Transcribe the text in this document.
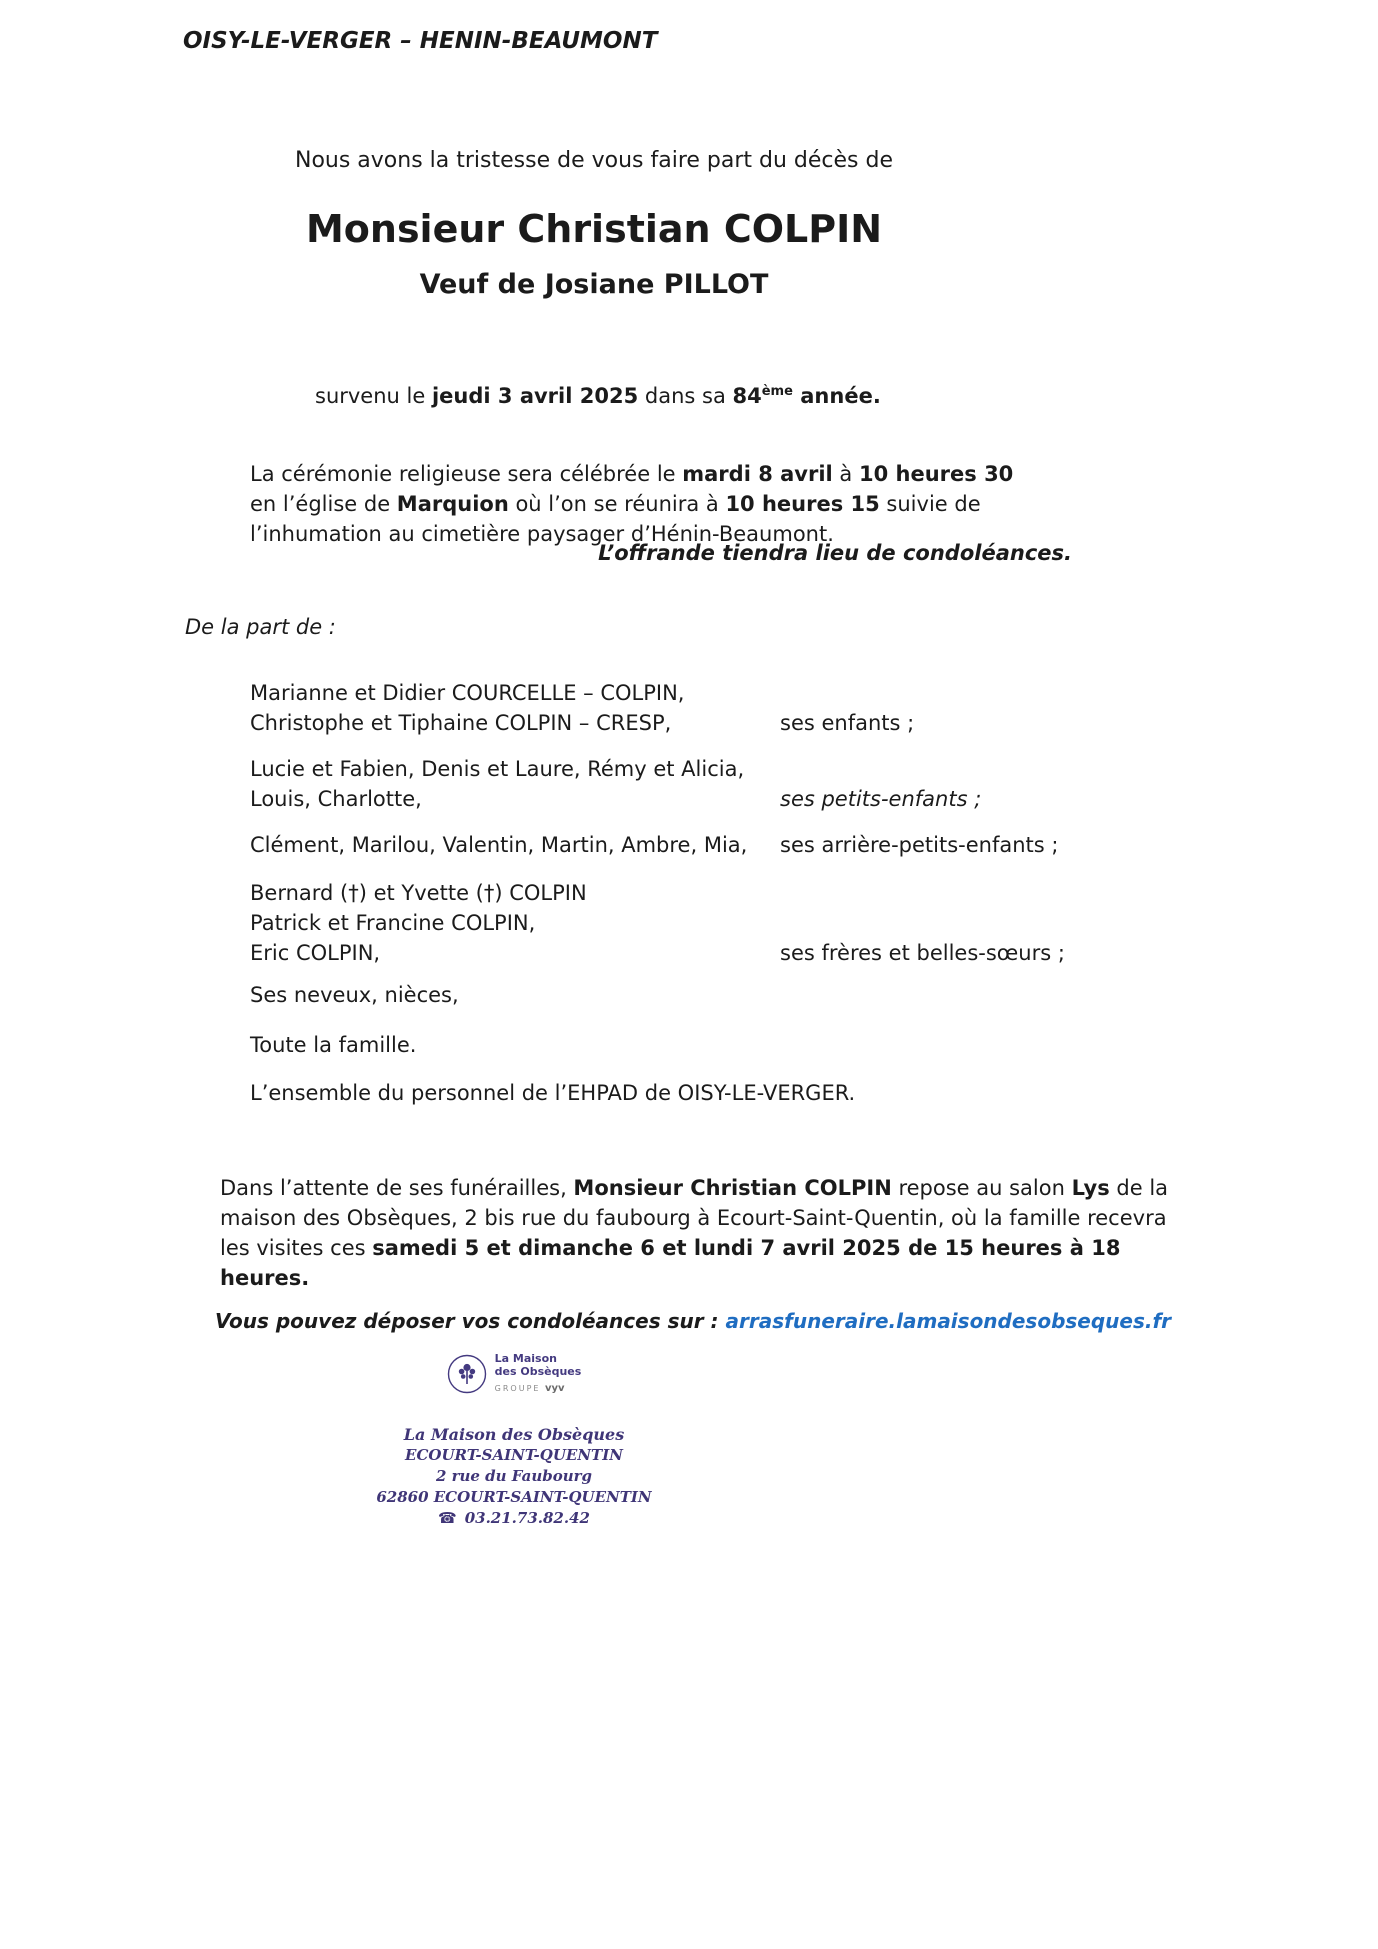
OISY-LE-VERGER – HENIN-BEAUMONT
Nous avons la tristesse de vous faire part du décès de
Monsieur Christian COLPIN
Veuf de Josiane PILLOT

survenu le jeudi 3 avril 2025 dans sa 84ème année.

La cérémonie religieuse sera célébrée le mardi 8 avril à 10 heures 30 en l’église de Marquion où l’on se réunira à 10 heures 15 suivie de l’inhumation au cimetière paysager d’Hénin-Beaumont.

L’offrande tiendra lieu de condoléances.
De la part de :
Marianne et Didier COURCELLE – COLPIN,
Christophe et Tiphaine COLPIN – CRESP,	ses enfants ;
Lucie et Fabien, Denis et Laure, Rémy et Alicia,
Louis, Charlotte,	ses petits-enfants ;
Clément, Marilou, Valentin, Martin, Ambre, Mia,	ses arrière-petits-enfants ;
Bernard (†) et Yvette (†) COLPIN
Patrick et Francine COLPIN,
Eric COLPIN,	ses frères et belles-sœurs ;
Ses neveux, nièces,
Toute la famille.
L’ensemble du personnel de l’EHPAD de OISY-LE-VERGER.

Dans l’attente de ses funérailles, Monsieur Christian COLPIN repose au salon Lys de la maison des Obsèques, 2 bis rue du faubourg à Ecourt-Saint-Quentin, où la famille recevra les visites ces samedi 5 et dimanche 6 et lundi 7 avril 2025 de 15 heures à 18 heures.

Vous pouvez déposer vos condoléances sur : arrasfuneraire.lamaisondesobseques.fr
La Maison
des Obsèques
GROUPE vyv
La Maison des Obsèques
ECOURT-SAINT-QUENTIN
2 rue du Faubourg
62860 ECOURT-SAINT-QUENTIN
☎ 03.21.73.82.42
